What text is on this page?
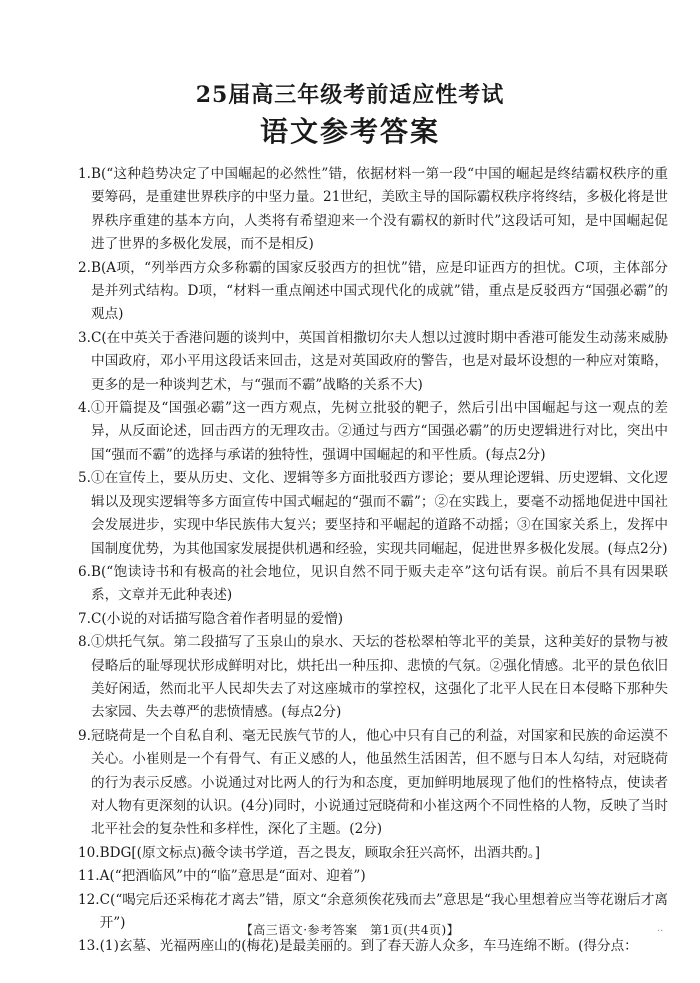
25届高三年级考前适应性考试
语文参考答案
1. B(“这种趋势决定了中国崛起的必然性”错，依据材料一第一段“中国的崛起是终结霸权秩序的重要筹码，是重建世界秩序的中坚力量。21世纪，美欧主导的国际霸权秩序将终结，多极化将是世界秩序重建的基本方向，人类将有希望迎来一个没有霸权的新时代”这段话可知，是中国崛起促进了世界的多极化发展，而不是相反)
2. B(A项，“列举西方众多称霸的国家反驳西方的担忧”错，应是印证西方的担忧。C项，主体部分是并列式结构。D项，“材料一重点阐述中国式现代化的成就”错，重点是反驳西方“国强必霸”的观点)
3. C(在中英关于香港问题的谈判中，英国首相撒切尔夫人想以过渡时期中香港可能发生动荡来威胁中国政府，邓小平用这段话来回击，这是对英国政府的警告，也是对最坏设想的一种应对策略，更多的是一种谈判艺术，与“强而不霸”战略的关系不大)
4. ①开篇提及“国强必霸”这一西方观点，先树立批驳的靶子，然后引出中国崛起与这一观点的差异，从反面论述，回击西方的无理攻击。②通过与西方“国强必霸”的历史逻辑进行对比，突出中国“强而不霸”的选择与承诺的独特性，强调中国崛起的和平性质。(每点2分)
5. ①在宣传上，要从历史、文化、逻辑等多方面批驳西方谬论；要从理论逻辑、历史逻辑、文化逻辑以及现实逻辑等多方面宣传中国式崛起的“强而不霸”；②在实践上，要毫不动摇地促进中国社会发展进步，实现中华民族伟大复兴；要坚持和平崛起的道路不动摇；③在国家关系上，发挥中国制度优势，为其他国家发展提供机遇和经验，实现共同崛起，促进世界多极化发展。(每点2分)
6. B(“饱读诗书和有极高的社会地位，见识自然不同于贩夫走卒”这句话有误。前后不具有因果联系，文章并无此种表述)
7. C(小说的对话描写隐含着作者明显的爱憎)
8. ①烘托气氛。第二段描写了玉泉山的泉水、天坛的苍松翠柏等北平的美景，这种美好的景物与被侵略后的耻辱现状形成鲜明对比，烘托出一种压抑、悲愤的气氛。②强化情感。北平的景色依旧美好闲适，然而北平人民却失去了对这座城市的掌控权，这强化了北平人民在日本侵略下那种失去家园、失去尊严的悲愤情感。(每点2分)
9. 冠晓荷是一个自私自利、毫无民族气节的人，他心中只有自己的利益，对国家和民族的命运漠不关心。小崔则是一个有骨气、有正义感的人，他虽然生活困苦，但不愿与日本人勾结，对冠晓荷的行为表示反感。小说通过对比两人的行为和态度，更加鲜明地展现了他们的性格特点，使读者对人物有更深刻的认识。(4分)同时，小说通过冠晓荷和小崔这两个不同性格的人物，反映了当时北平社会的复杂性和多样性，深化了主题。(2分)
10. BDG[(原文标点)薇令读书学道，吾之畏友，顾取余狂兴高怀，出酒共酌。]
11. A(“把酒临风”中的“临”意思是“面对、迎着”)
12. C(“喝完后还采梅花才离去”错，原文“余意须俟花残而去”意思是“我心里想着应当等花谢后才离开”)
13. (1)玄墓、光福两座山的(梅花)是最美丽的。到了春天游人众多，车马连绵不断。(得分点：
【高三语文·参考答案　第1页(共4页)】	..
